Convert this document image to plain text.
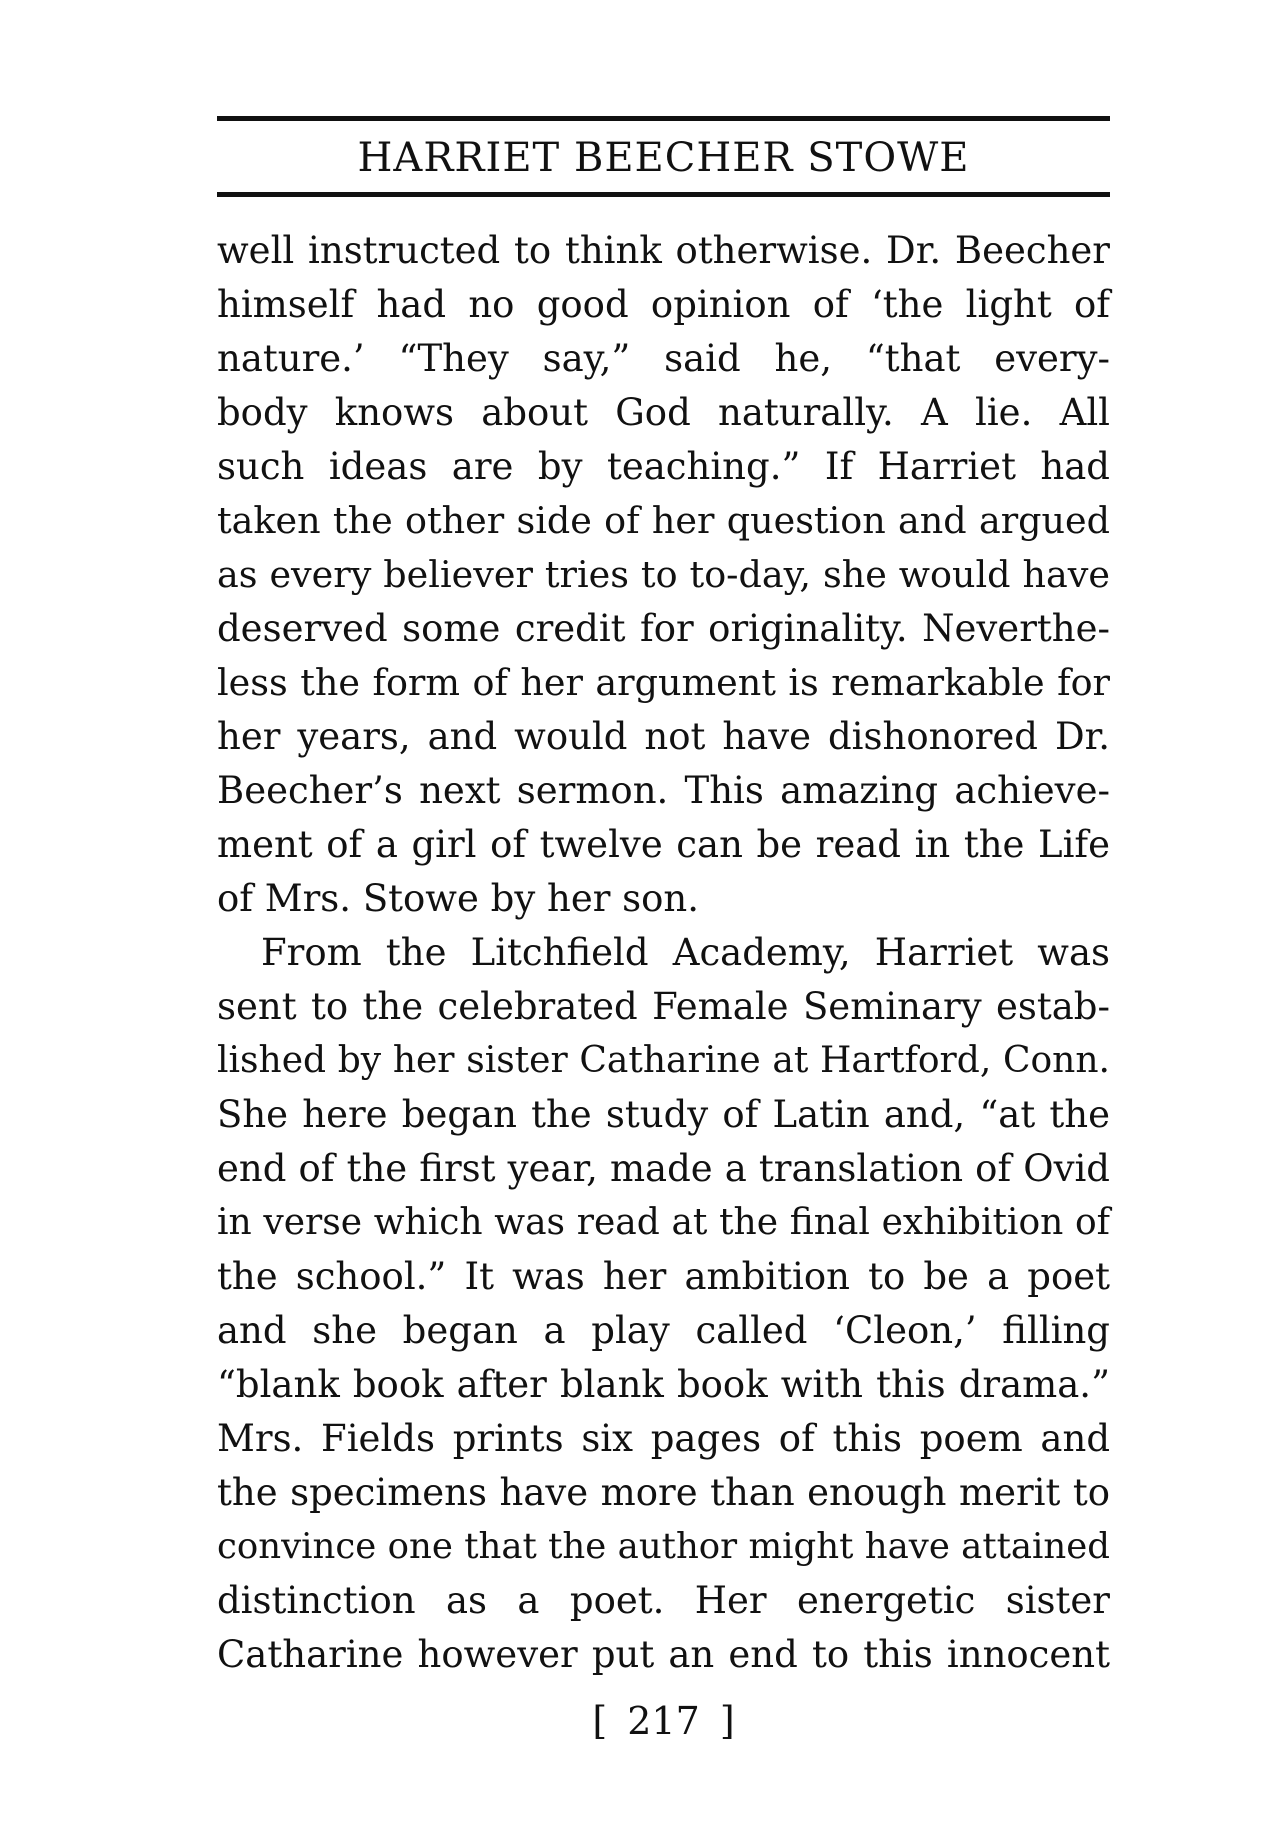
HARRIET BEECHER STOWE
well instructed to think otherwise. Dr. Beecher
himself had no good opinion of ‘the light of
nature.’ “They say,” said he, “that every-
body knows about God naturally. A lie. All
such ideas are by teaching.” If Harriet had
taken the other side of her question and argued
as every believer tries to to-day, she would have
deserved some credit for originality. Neverthe-
less the form of her argument is remarkable for
her years, and would not have dishonored Dr.
Beecher’s next sermon. This amazing achieve-
ment of a girl of twelve can be read in the Life
of Mrs. Stowe by her son.
From the Litchfield Academy, Harriet was
sent to the celebrated Female Seminary estab-
lished by her sister Catharine at Hartford, Conn.
She here began the study of Latin and, “at the
end of the first year, made a translation of Ovid
in verse which was read at the final exhibition of
the school.” It was her ambition to be a poet
and she began a play called ‘Cleon,’ filling
“blank book after blank book with this drama.”
Mrs. Fields prints six pages of this poem and
the specimens have more than enough merit to
convince one that the author might have attained
distinction as a poet. Her energetic sister
Catharine however put an end to this innocent
[ 217 ]
